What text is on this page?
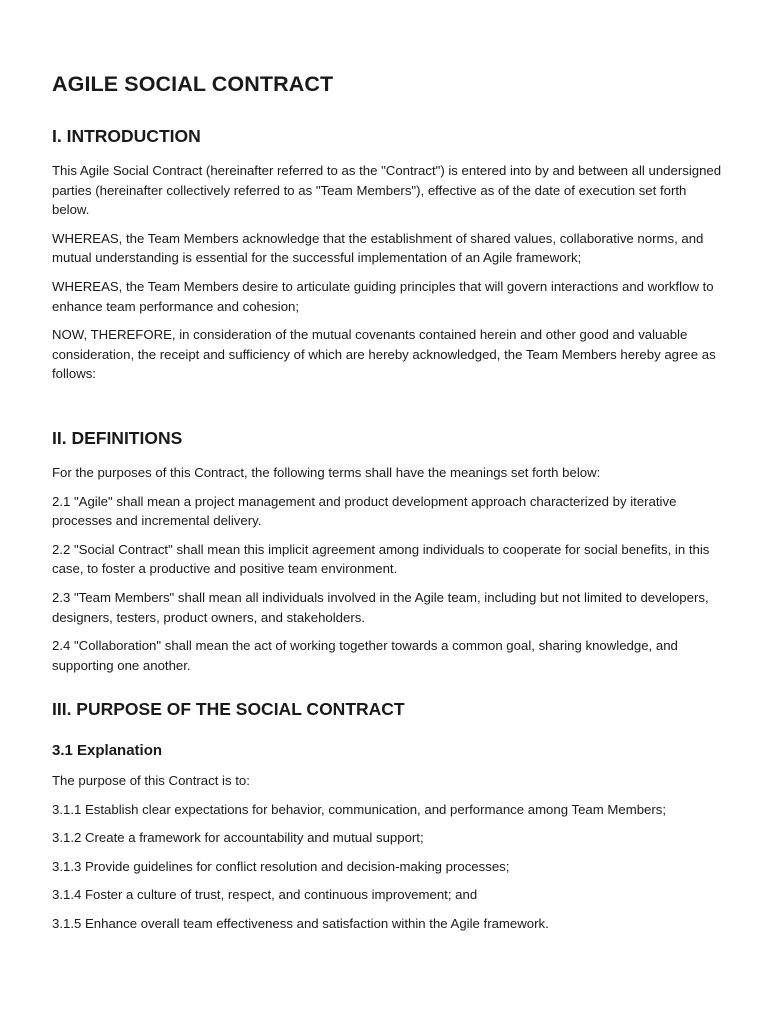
AGILE SOCIAL CONTRACT
I. INTRODUCTION

This Agile Social Contract (hereinafter referred to as the "Contract") is entered into by and between all undersigned parties (hereinafter collectively referred to as "Team Members"), effective as of the date of execution set forth below.

WHEREAS, the Team Members acknowledge that the establishment of shared values, collaborative norms, and mutual understanding is essential for the successful implementation of an Agile framework;

WHEREAS, the Team Members desire to articulate guiding principles that will govern interactions and workflow to enhance team performance and cohesion;

NOW, THEREFORE, in consideration of the mutual covenants contained herein and other good and valuable consideration, the receipt and sufficiency of which are hereby acknowledged, the Team Members hereby agree as follows:

II. DEFINITIONS

For the purposes of this Contract, the following terms shall have the meanings set forth below:

2.1 "Agile" shall mean a project management and product development approach characterized by iterative processes and incremental delivery.

2.2 "Social Contract" shall mean this implicit agreement among individuals to cooperate for social benefits, in this case, to foster a productive and positive team environment.

2.3 "Team Members" shall mean all individuals involved in the Agile team, including but not limited to developers, designers, testers, product owners, and stakeholders.

2.4 "Collaboration" shall mean the act of working together towards a common goal, sharing knowledge, and supporting one another.

III. PURPOSE OF THE SOCIAL CONTRACT
3.1 Explanation

The purpose of this Contract is to:

3.1.1 Establish clear expectations for behavior, communication, and performance among Team Members;

3.1.2 Create a framework for accountability and mutual support;

3.1.3 Provide guidelines for conflict resolution and decision-making processes;

3.1.4 Foster a culture of trust, respect, and continuous improvement; and

3.1.5 Enhance overall team effectiveness and satisfaction within the Agile framework.
